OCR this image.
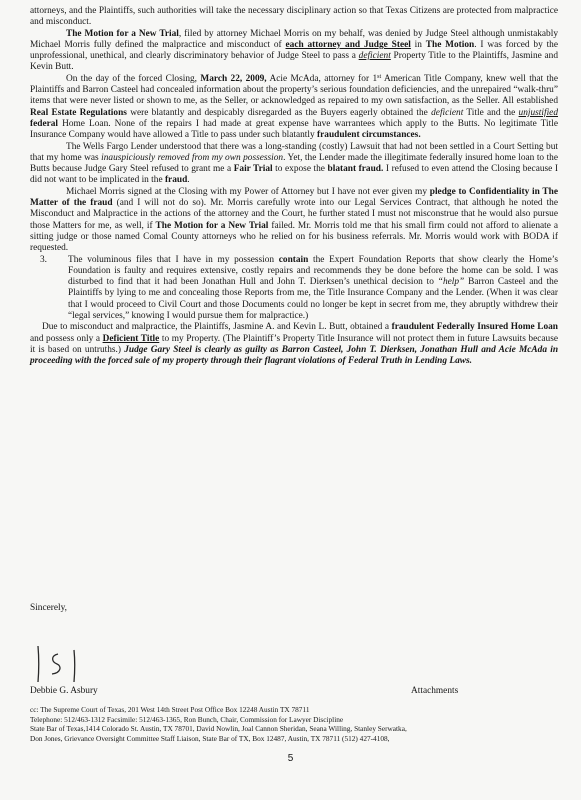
attorneys, and the Plaintiffs, such authorities will take the necessary disciplinary action so that Texas Citizens are protected from malpractice and misconduct.

The Motion for a New Trial, filed by attorney Michael Morris on my behalf, was denied by Judge Steel although unmistakably Michael Morris fully defined the malpractice and misconduct of each attorney and Judge Steel in The Motion. I was forced by the unprofessional, unethical, and clearly discriminatory behavior of Judge Steel to pass a deficient Property Title to the Plaintiffs, Jasmine and Kevin Butt.

On the day of the forced Closing, March 22, 2009, Acie McAda, attorney for 1st American Title Company, knew well that the Plaintiffs and Barron Casteel had concealed information about the property’s serious foundation deficiencies, and the unrepaired “walk-thru” items that were never listed or shown to me, as the Seller, or acknowledged as repaired to my own satisfaction, as the Seller. All established Real Estate Regulations were blatantly and despicably disregarded as the Buyers eagerly obtained the deficient Title and the unjustified federal Home Loan. None of the repairs I had made at great expense have warrantees which apply to the Butts. No legitimate Title Insurance Company would have allowed a Title to pass under such blatantly fraudulent circumstances.

The Wells Fargo Lender understood that there was a long-standing (costly) Lawsuit that had not been settled in a Court Setting but that my home was inauspiciously removed from my own possession. Yet, the Lender made the illegitimate federally insured home loan to the Butts because Judge Gary Steel refused to grant me a Fair Trial to expose the blatant fraud. I refused to even attend the Closing because I did not want to be implicated in the fraud.

Michael Morris signed at the Closing with my Power of Attorney but I have not ever given my pledge to Confidentiality in The Matter of the fraud (and I will not do so). Mr. Morris carefully wrote into our Legal Services Contract, that although he noted the Misconduct and Malpractice in the actions of the attorney and the Court, he further stated I must not misconstrue that he would also pursue those Matters for me, as well, if The Motion for a New Trial failed. Mr. Morris told me that his small firm could not afford to alienate a sitting judge or those named Comal County attorneys who he relied on for his business referrals. Mr. Morris would work with BODA if requested.

3.	The voluminous files that I have in my possession contain the Expert Foundation Reports that show clearly the Home’s Foundation is faulty and requires extensive, costly repairs and recommends they be done before the home can be sold. I was disturbed to find that it had been Jonathan Hull and John T. Dierksen’s unethical decision to “help” Barron Casteel and the Plaintiffs by lying to me and concealing those Reports from me, the Title Insurance Company and the Lender. (When it was clear that I would proceed to Civil Court and those Documents could no longer be kept in secret from me, they abruptly withdrew their “legal services,” knowing I would pursue them for malpractice.)

Due to misconduct and malpractice, the Plaintiffs, Jasmine A. and Kevin L. Butt, obtained a fraudulent Federally Insured Home Loan and possess only a Deficient Title to my Property. (The Plaintiff’s Property Title Insurance will not protect them in future Lawsuits because it is based on untruths.) Judge Gary Steel is clearly as guilty as Barron Casteel, John T. Dierksen, Jonathan Hull and Acie McAda in proceeding with the forced sale of my property through their flagrant violations of Federal Truth in Lending Laws.

Sincerely,
Debbie G. Asbury	Attachments

cc: The Supreme Court of Texas, 201 West 14th Street Post Office Box 12248 Austin TX 78711

Telephone: 512/463-1312 Facsimile: 512/463-1365, Ron Bunch, Chair, Commission for Lawyer Discipline

State Bar of Texas,1414 Colorado St. Austin, TX 78701, David Nowlin, Joal Cannon Sheridan, Seana Willing, Stanley Serwatka,

Don Jones, Grievance Oversight Committee Staff Liaison, State Bar of TX, Box 12487, Austin, TX 78711 (512) 427-4108,

5
